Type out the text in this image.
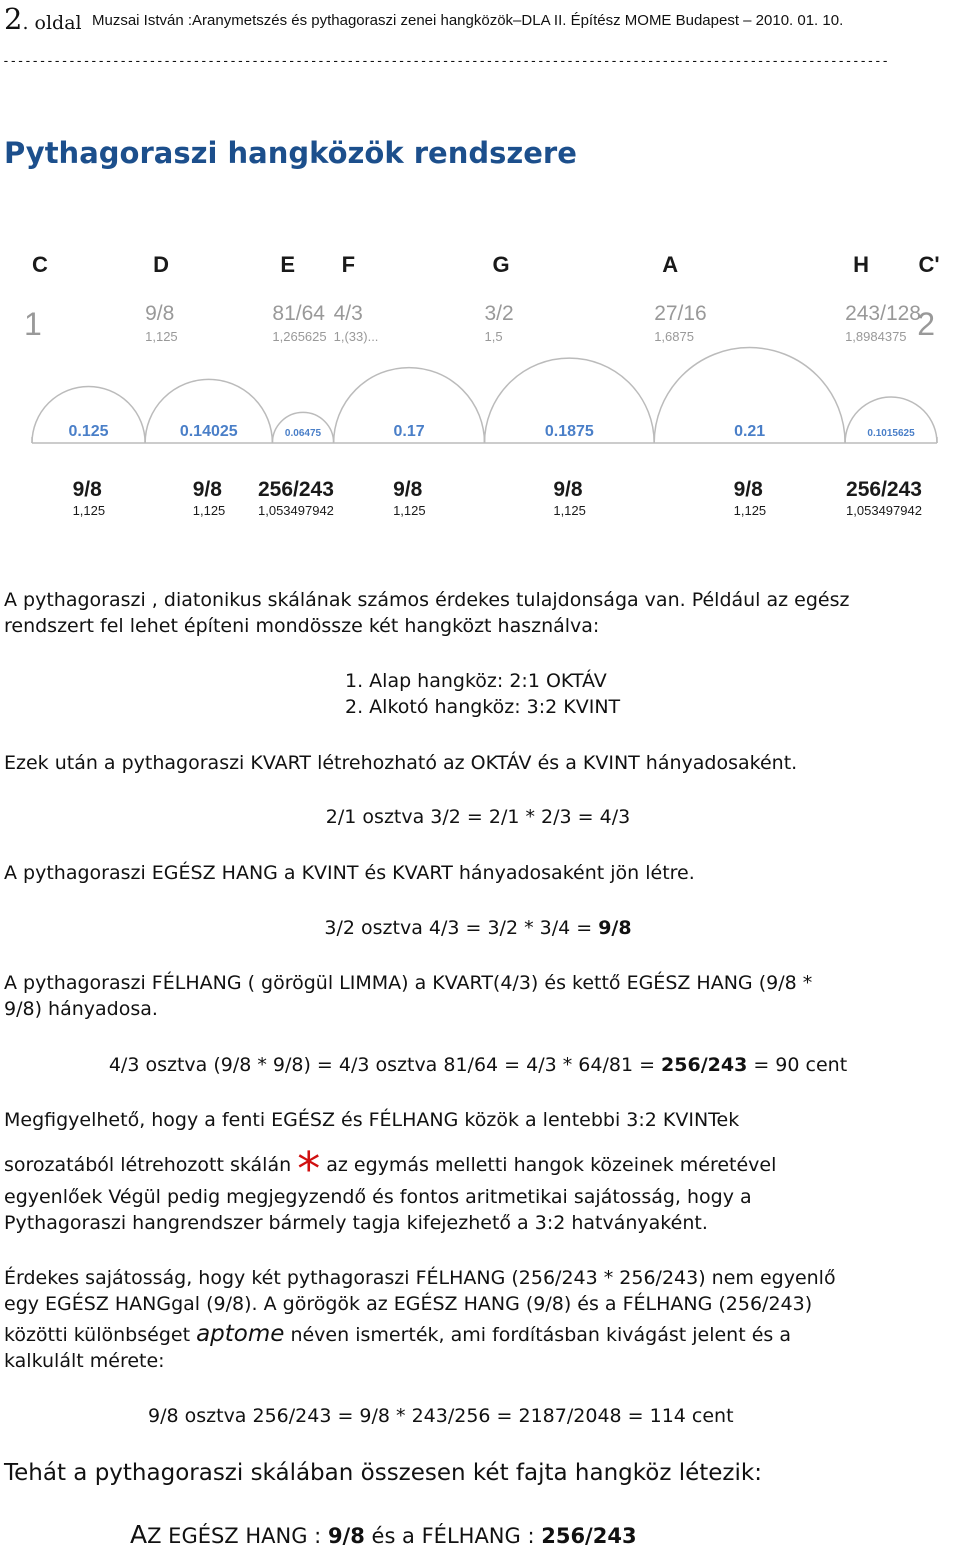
2. oldal Muzsai István :Aranymetszés és pythagoraszi zenei hangközök–DLA II. Építész MOME Budapest – 2010. 01. 10.
-------------------------------------------------------------------------------------------------------------------------
Pythagoraszi hangközök rendszere
C
1
D
9/8
1,125
E
81/64
1,265625
F
4/3
1,(33)...
G
3/2
1,5
A
27/16
1,6875
H
243/128
1,8984375
C'
2
0.125	0.14025	0.06475	0.17	0.1875	0.21	0.1015625
9/8
1,125
9/8
1,125
256/243
1,053497942
9/8
1,125
9/8
1,125
9/8
1,125
256/243
1,053497942
A pythagoraszi , diatonikus skálának számos érdekes tulajdonsága van. Például az egész
rendszert fel lehet építeni mondössze két hangközt használva:
1. Alap hangköz: 2:1 OKTÁV
2. Alkotó hangköz: 3:2 KVINT
Ezek után a pythagoraszi KVART létrehozható az OKTÁV és a KVINT hányadosaként.
2/1 osztva 3/2 = 2/1 * 2/3 = 4/3
A pythagoraszi EGÉSZ HANG a KVINT és KVART hányadosaként jön létre.
3/2 osztva 4/3 = 3/2 * 3/4 = 9/8
A pythagoraszi FÉLHANG ( görögül LIMMA) a KVART(4/3) és kettő EGÉSZ HANG (9/8 *
9/8) hányadosa.
4/3 osztva (9/8 * 9/8) = 4/3 osztva 81/64 = 4/3 * 64/81 = 256/243 = 90 cent
Megfigyelhető, hogy a fenti EGÉSZ és FÉLHANG közök a lentebbi 3:2 KVINTek
sorozatából létrehozott skálán * az egymás melletti hangok közeinek méretével
egyenlőek Végül pedig megjegyzendő és fontos aritmetikai sajátosság, hogy a
Pythagoraszi hangrendszer bármely tagja kifejezhető a 3:2 hatványaként.
Érdekes sajátosság, hogy két pythagoraszi FÉLHANG (256/243 * 256/243) nem egyenlő
egy EGÉSZ HANGgal (9/8). A görögök az EGÉSZ HANG (9/8) és a FÉLHANG (256/243)
közötti különbséget aptome néven ismerték, ami fordításban kivágást jelent és a
kalkulált mérete:
9/8 osztva 256/243 = 9/8 * 243/256 = 2187/2048 = 114 cent
Tehát a pythagoraszi skálában összesen két fajta hangköz létezik:
AZ EGÉSZ HANG : 9/8 és a FÉLHANG : 256/243
